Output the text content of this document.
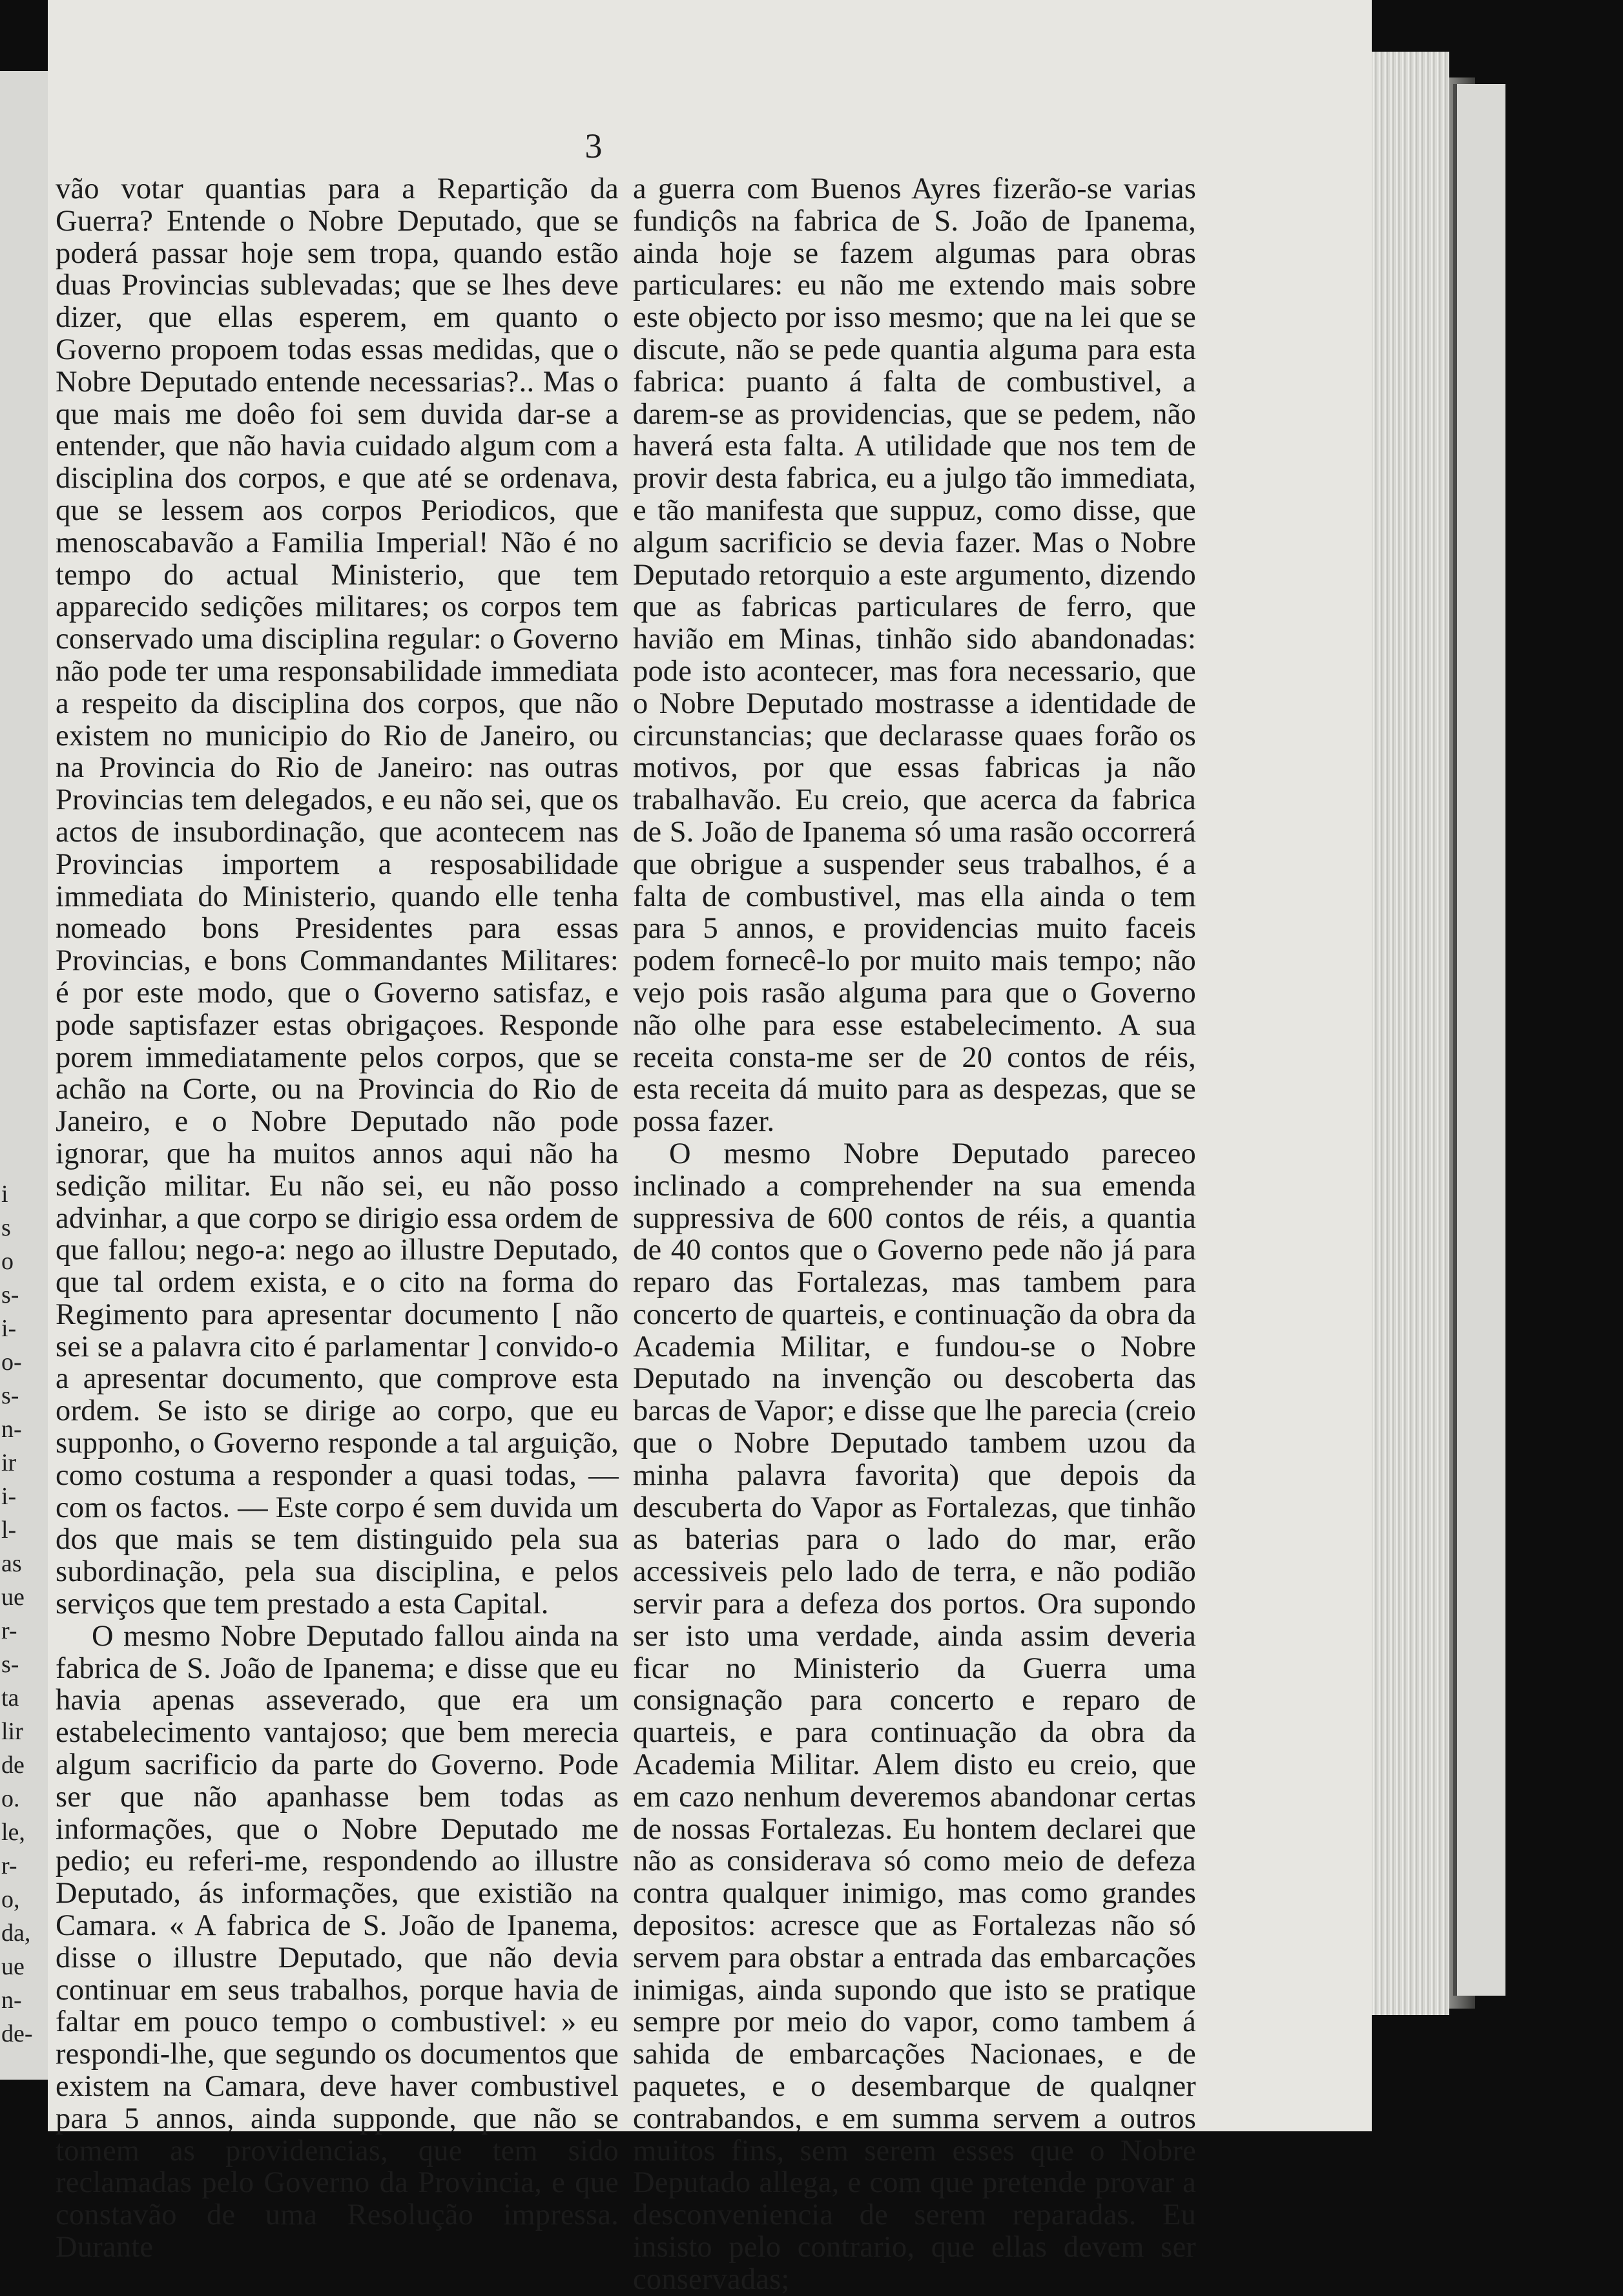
i
s
o
s-
i-
o-
s-
n-
ir
i-
l-
as
ue
r-
s-
ta
lir
de
o.
le,
r-
o,
da,
ue
n-
de-
3

vão votar quantias para a Repartição da Guerra? Entende o Nobre Deputado, que se poderá passar hoje sem tropa, quando estão duas Provincias sublevadas; que se lhes deve dizer, que ellas esperem, em quanto o Governo propoem todas essas medidas, que o Nobre Deputado entende necessarias?.. Mas o que mais me doêo foi sem duvida dar-se a entender, que não havia cuidado algum com a disciplina dos corpos, e que até se ordenava, que se lessem aos corpos Periodicos, que menoscabavão a Familia Imperial! Não é no tempo do actual Ministerio, que tem apparecido sedições militares; os corpos tem conservado uma disciplina regular: o Governo não pode ter uma responsabilidade immediata a respeito da disciplina dos corpos, que não existem no municipio do Rio de Janeiro, ou na Provincia do Rio de Janeiro: nas outras Provincias tem delegados, e eu não sei, que os actos de insubordinação, que acontecem nas Provincias importem a resposabilidade immediata do Ministerio, quando elle tenha nomeado bons Presidentes para essas Provincias, e bons Commandantes Militares: é por este modo, que o Governo satisfaz, e pode saptisfazer estas obrigaçoes. Responde porem immediatamente pelos corpos, que se achão na Corte, ou na Provincia do Rio de Janeiro, e o Nobre Deputado não pode ignorar, que ha muitos annos aqui não ha sedição militar. Eu não sei, eu não posso advinhar, a que corpo se dirigio essa ordem de que fallou; nego-a: nego ao illustre Deputado, que tal ordem exista, e o cito na forma do Regimento para apresentar documento [ não sei se a palavra cito é parlamentar ] convido-o a apresentar documento, que comprove esta ordem. Se isto se dirige ao corpo, que eu supponho, o Governo responde a tal arguição, como costuma a responder a quasi todas, — com os factos. — Este corpo é sem duvida um dos que mais se tem distinguido pela sua subordinação, pela sua disciplina, e pelos serviços que tem prestado a esta Capital.

O mesmo Nobre Deputado fallou ainda na fabrica de S. João de Ipanema; e disse que eu havia apenas asseverado, que era um estabelecimento vantajoso; que bem merecia algum sacrificio da parte do Governo. Pode ser que não apanhasse bem todas as informações, que o Nobre Deputado me pedio; eu referi-me, respondendo ao illustre Deputado, ás informações, que existião na Camara. « A fabrica de S. João de Ipanema, disse o illustre Deputado, que não devia continuar em seus trabalhos, porque havia de faltar em pouco tempo o combustivel: » eu respondi-lhe, que segundo os documentos que existem na Camara, deve haver combustivel para 5 annos, ainda supponde, que não se tomem as providencias, que tem sido reclamadas pelo Governo da Provincia, e que constavão de uma Resolução impressa. Durante

a guerra com Buenos Ayres fizerão-se varias fundiçôs na fabrica de S. João de Ipanema, ainda hoje se fazem algumas para obras particulares: eu não me extendo mais sobre este objecto por isso mesmo; que na lei que se discute, não se pede quantia alguma para esta fabrica: puanto á falta de combustivel, a darem-se as providencias, que se pedem, não haverá esta falta. A utilidade que nos tem de provir desta fabrica, eu a julgo tão immediata, e tão manifesta que suppuz, como disse, que algum sacrificio se devia fazer. Mas o Nobre Deputado retorquio a este argumento, dizendo que as fabricas particulares de ferro, que havião em Minas, tinhão sido abandonadas: pode isto acontecer, mas fora necessario, que o Nobre Deputado mostrasse a identidade de circunstancias; que declarasse quaes forão os motivos, por que essas fabricas ja não trabalhavão. Eu creio, que acerca da fabrica de S. João de Ipanema só uma rasão occorrerá que obrigue a suspender seus trabalhos, é a falta de combustivel, mas ella ainda o tem para 5 annos, e providencias muito faceis podem fornecê-lo por muito mais tempo; não vejo pois rasão alguma para que o Governo não olhe para esse estabelecimento. A sua receita consta-me ser de 20 contos de réis, esta receita dá muito para as despezas, que se possa fazer.

O mesmo Nobre Deputado pareceo inclinado a comprehender na sua emenda suppressiva de 600 contos de réis, a quantia de 40 contos que o Governo pede não já para reparo das Fortalezas, mas tambem para concerto de quarteis, e continuação da obra da Academia Militar, e fundou-se o Nobre Deputado na invenção ou descoberta das barcas de Vapor; e disse que lhe parecia (creio que o Nobre Deputado tambem uzou da minha palavra favorita) que depois da descuberta do Vapor as Fortalezas, que tinhão as baterias para o lado do mar, erão accessiveis pelo lado de terra, e não podião servir para a defeza dos portos. Ora supondo ser isto uma verdade, ainda assim deveria ficar no Ministerio da Guerra uma consignação para concerto e reparo de quarteis, e para continuação da obra da Academia Militar. Alem disto eu creio, que em cazo nenhum deveremos abandonar certas de nossas Fortalezas. Eu hontem declarei que não as considerava só como meio de defeza contra qualquer inimigo, mas como grandes depositos: acresce que as Fortalezas não só servem para obstar a entrada das embarcações inimigas, ainda supondo que isto se pratique sempre por meio do vapor, como tambem á sahida de embarcações Nacionaes, e de paquetes, e o desembarque de qualqner contrabandos, e em summa servem a outros muitos fins, sem serem esses que o Nobre Deputado allega, e com que pretende provar a desconveniencia de serem reparadas. Eu insisto pelo contrario, que ellas devem ser conservadas;
